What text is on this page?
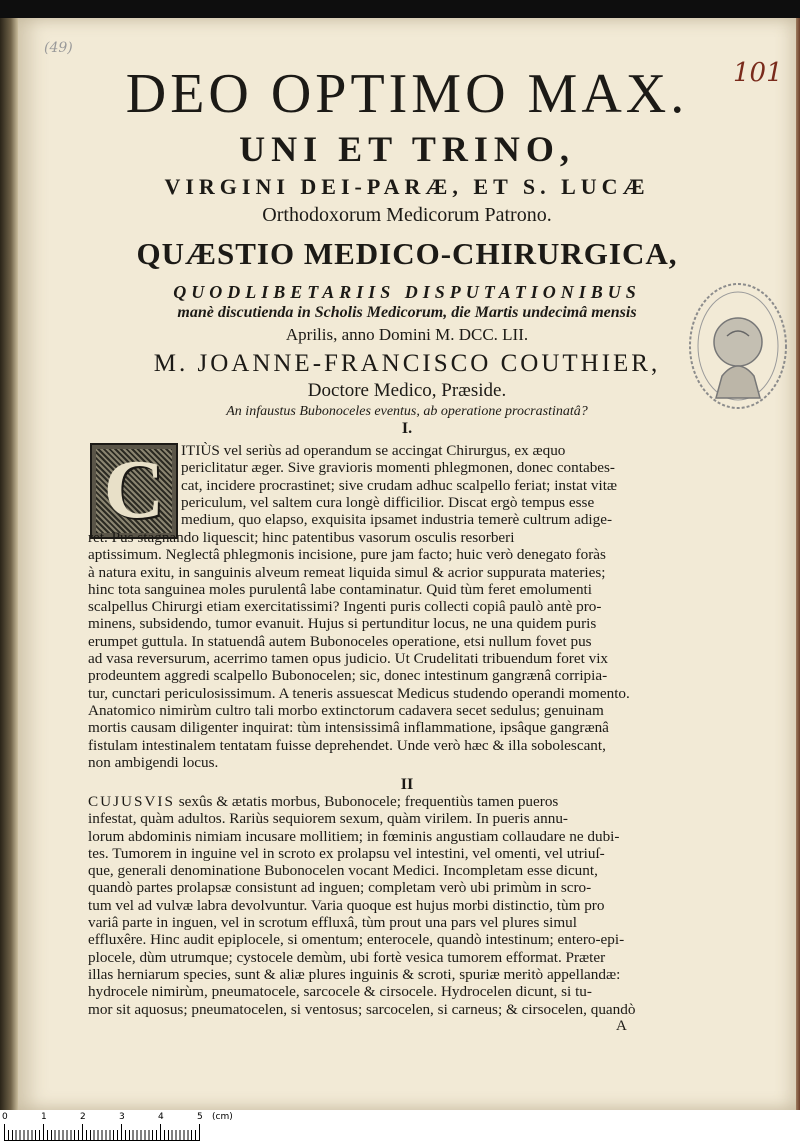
(49)
101
DEO OPTIMO MAX.
UNI ET TRINO,
VIRGINI DEI-PARÆ, ET S. LUCÆ
Orthodoxorum Medicorum Patrono.
QUÆSTIO MEDICO-CHIRURGICA,
QUODLIBETARIIS DISPUTATIONIBUS
manè discutienda in Scholis Medicorum, die Martis undecimâ mensis
Aprilis, anno Domini M. DCC. LII.
M. JOANNE-FRANCISCO COUTHIER,
Doctore Medico, Præside.
An infaustus Bubonoceles eventus, ab operatione procrastinatâ?
I.
C	ITIÙS vel seriùs ad operandum se accingat Chirurgus, ex æquo
periclitatur æger. Sive gravioris momenti phlegmonen, donec contabes-
cat, incidere procrastinet; sive crudam adhuc scalpello feriat; instat vitæ
periculum, vel saltem cura longè difficilior. Discat ergò tempus esse
medium, quo elapso, exquisita ipsamet industria temerè cultrum adige-
ret. Pus stagnando liquescit; hinc patentibus vasorum osculis resorberi
aptissimum. Neglectâ phlegmonis incisione, pure jam facto; huic verò denegato foràs
à natura exitu, in sanguinis alveum remeat liquida simul & acrior suppurata materies;
hinc tota sanguinea moles purulentâ labe contaminatur. Quid tùm feret emolumenti
scalpellus Chirurgi etiam exercitatissimi? Ingenti puris collecti copiâ paulò antè pro-
minens, subsidendo, tumor evanuit. Hujus si pertunditur locus, ne una quidem puris
erumpet guttula. In statuendâ autem Bubonoceles operatione, etsi nullum fovet pus
ad vasa reversurum, acerrimo tamen opus judicio. Ut Crudelitati tribuendum foret vix
prodeuntem aggredi scalpello Bubonocelen; sic, donec intestinum gangrænâ corripia-
tur, cunctari periculosissimum. A teneris assuescat Medicus studendo operandi momento.
Anatomico nimirùm cultro tali morbo extinctorum cadavera secet sedulus; genuinam
mortis causam diligenter inquirat: tùm intensissimâ inflammatione, ipsâque gangrænâ
fistulam intestinalem tentatam fuisse deprehendet. Unde verò hæc & illa sobolescant,
non ambigendi locus.
II
CUJUSVIS sexûs & ætatis morbus, Bubonocele; frequentiùs tamen pueros
infestat, quàm adultos. Rariùs sequiorem sexum, quàm virilem. In pueris annu-
lorum abdominis nimiam incusare mollitiem; in fœminis angustiam collaudare ne dubi-
tes. Tumorem in inguine vel in scroto ex prolapsu vel intestini, vel omenti, vel utriuſ-
que, generali denominatione Bubonocelen vocant Medici. Incompletam esse dicunt,
quandò partes prolapsæ consistunt ad inguen; completam verò ubi primùm in scro-
tum vel ad vulvæ labra devolvuntur. Varia quoque est hujus morbi distinctio, tùm pro
variâ parte in inguen, vel in scrotum effluxâ, tùm prout una pars vel plures simul
effluxêre. Hinc audit epiplocele, si omentum; enterocele, quandò intestinum; entero-epi-
plocele, dùm utrumque; cystocele demùm, ubi fortè vesica tumorem efformat. Præter
illas herniarum species, sunt & aliæ plures inguinis & scroti, spuriæ meritò appellandæ:
hydrocele nimirùm, pneumatocele, sarcocele & cirsocele. Hydrocelen dicunt, si tu-
mor sit aquosus; pneumatocelen, si ventosus; sarcocelen, si carneus; & cirsocelen, quandò
A
0	1	2	3	4	5 (cm)
